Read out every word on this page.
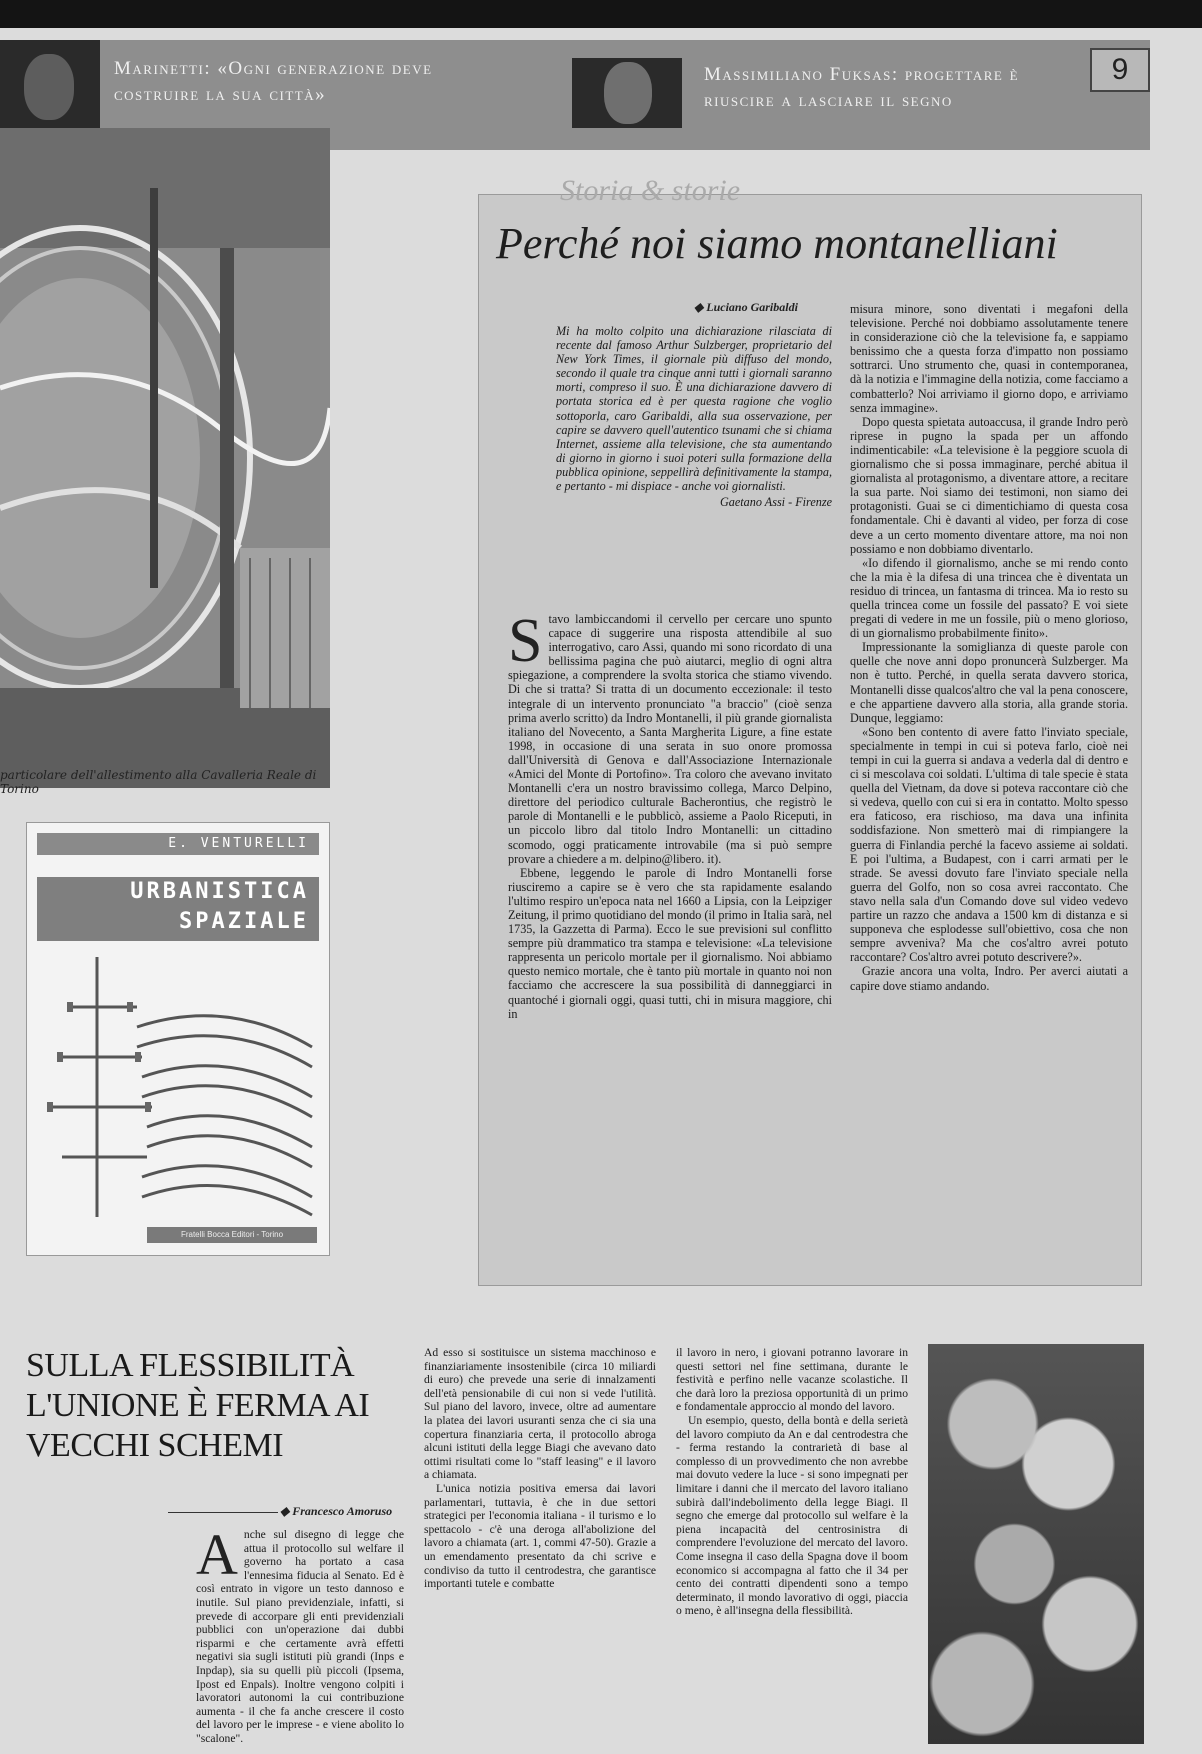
Marinetti: «Ogni generazione deve costruire la sua città»
Massimiliano Fuksas: progettare è riuscire a lasciare il segno
9
particolare dell'allestimento alla Cavalleria Reale di Torino
E. VENTURELLI
URBANISTICA SPAZIALE
Fratelli Bocca Editori - Torino
Storia & storie
Perché noi siamo montanelliani
◆ Luciano Garibaldi

Mi ha molto colpito una dichiarazione rilasciata di recente dal famoso Arthur Sulzberger, proprietario del New York Times, il giornale più diffuso del mondo, secondo il quale tra cinque anni tutti i giornali saranno morti, compreso il suo. È una dichiarazione davvero di portata storica ed è per questa ragione che voglio sottoporla, caro Garibaldi, alla sua osservazione, per capire se davvero quell'autentico tsunami che si chiama Internet, assieme alla televisione, che sta aumentando di giorno in giorno i suoi poteri sulla formazione della pubblica opinione, seppellirà definitivamente la stampa, e pertanto - mi dispiace - anche voi giornalisti.

Gaetano Assi - Firenze

Stavo lambiccandomi il cervello per cercare uno spunto capace di suggerire una risposta attendibile al suo interrogativo, caro Assi, quando mi sono ricordato di una bellissima pagina che può aiutarci, meglio di ogni altra spiegazione, a comprendere la svolta storica che stiamo vivendo. Di che si tratta? Si tratta di un documento eccezionale: il testo integrale di un intervento pronunciato "a braccio" (cioè senza prima averlo scritto) da Indro Montanelli, il più grande giornalista italiano del Novecento, a Santa Margherita Ligure, a fine estate 1998, in occasione di una serata in suo onore promossa dall'Università di Genova e dall'Associazione Internazionale «Amici del Monte di Portofino». Tra coloro che avevano invitato Montanelli c'era un nostro bravissimo collega, Marco Delpino, direttore del periodico culturale Bacherontius, che registrò le parole di Montanelli e le pubblicò, assieme a Paolo Riceputi, in un piccolo libro dal titolo Indro Montanelli: un cittadino scomodo, oggi praticamente introvabile (ma si può sempre provare a chiedere a m. delpino@libero. it).

Ebbene, leggendo le parole di Indro Montanelli forse riusciremo a capire se è vero che sta rapidamente esalando l'ultimo respiro un'epoca nata nel 1660 a Lipsia, con la Leipziger Zeitung, il primo quotidiano del mondo (il primo in Italia sarà, nel 1735, la Gazzetta di Parma). Ecco le sue previsioni sul conflitto sempre più drammatico tra stampa e televisione: «La televisione rappresenta un pericolo mortale per il giornalismo. Noi abbiamo questo nemico mortale, che è tanto più mortale in quanto noi non facciamo che accrescere la sua possibilità di danneggiarci in quantoché i giornali oggi, quasi tutti, chi in misura maggiore, chi in

misura minore, sono diventati i megafoni della televisione. Perché noi dobbiamo assolutamente tenere in considerazione ciò che la televisione fa, e sappiamo benissimo che a questa forza d'impatto non possiamo sottrarci. Uno strumento che, quasi in contemporanea, dà la notizia e l'immagine della notizia, come facciamo a combatterlo? Noi arriviamo il giorno dopo, e arriviamo senza immagine».

Dopo questa spietata autoaccusa, il grande Indro però riprese in pugno la spada per un affondo indimenticabile: «La televisione è la peggiore scuola di giornalismo che si possa immaginare, perché abitua il giornalista al protagonismo, a diventare attore, a recitare la sua parte. Noi siamo dei testimoni, non siamo dei protagonisti. Guai se ci dimentichiamo di questa cosa fondamentale. Chi è davanti al video, per forza di cose deve a un certo momento diventare attore, ma noi non possiamo e non dobbiamo diventarlo.

«Io difendo il giornalismo, anche se mi rendo conto che la mia è la difesa di una trincea che è diventata un residuo di trincea, un fantasma di trincea. Ma io resto su quella trincea come un fossile del passato? E voi siete pregati di vedere in me un fossile, più o meno glorioso, di un giornalismo probabilmente finito».

Impressionante la somiglianza di queste parole con quelle che nove anni dopo pronuncerà Sulzberger. Ma non è tutto. Perché, in quella serata davvero storica, Montanelli disse qualcos'altro che val la pena conoscere, e che appartiene davvero alla storia, alla grande storia. Dunque, leggiamo:

«Sono ben contento di avere fatto l'inviato speciale, specialmente in tempi in cui si poteva farlo, cioè nei tempi in cui la guerra si andava a vederla dal di dentro e ci si mescolava coi soldati. L'ultima di tale specie è stata quella del Vietnam, da dove si poteva raccontare ciò che si vedeva, quello con cui si era in contatto. Molto spesso era faticoso, era rischioso, ma dava una infinita soddisfazione. Non smetterò mai di rimpiangere la guerra di Finlandia perché la facevo assieme ai soldati. E poi l'ultima, a Budapest, con i carri armati per le strade. Se avessi dovuto fare l'inviato speciale nella guerra del Golfo, non so cosa avrei raccontato. Che stavo nella sala d'un Comando dove sul video vedevo partire un razzo che andava a 1500 km di distanza e si supponeva che esplodesse sull'obiettivo, cosa che non sempre avveniva? Ma che cos'altro avrei potuto raccontare? Cos'altro avrei potuto descrivere?».

Grazie ancora una volta, Indro. Per averci aiutati a capire dove stiamo andando.

SULLA FLESSIBILITÀ L'UNIONE È FERMA AI VECCHI SCHEMI
◆ Francesco Amoruso

Anche sul disegno di legge che attua il protocollo sul welfare il governo ha portato a casa l'ennesima fiducia al Senato. Ed è così entrato in vigore un testo dannoso e inutile. Sul piano previdenziale, infatti, si prevede di accorpare gli enti previdenziali pubblici con un'operazione dai dubbi risparmi e che certamente avrà effetti negativi sia sugli istituti più grandi (Inps e Inpdap), sia su quelli più piccoli (Ipsema, Ipost ed Enpals). Inoltre vengono colpiti i lavoratori autonomi la cui contribuzione aumenta - il che fa anche crescere il costo del lavoro per le imprese - e viene abolito lo "scalone".

Ad esso si sostituisce un sistema macchinoso e finanziariamente insostenibile (circa 10 miliardi di euro) che prevede una serie di innalzamenti dell'età pensionabile di cui non si vede l'utilità. Sul piano del lavoro, invece, oltre ad aumentare la platea dei lavori usuranti senza che ci sia una copertura finanziaria certa, il protocollo abroga alcuni istituti della legge Biagi che avevano dato ottimi risultati come lo "staff leasing" e il lavoro a chiamata.

L'unica notizia positiva emersa dai lavori parlamentari, tuttavia, è che in due settori strategici per l'economia italiana - il turismo e lo spettacolo - c'è una deroga all'abolizione del lavoro a chiamata (art. 1, commi 47-50). Grazie a un emendamento presentato da chi scrive e condiviso da tutto il centrodestra, che garantisce importanti tutele e combatte

il lavoro in nero, i giovani potranno lavorare in questi settori nel fine settimana, durante le festività e perfino nelle vacanze scolastiche. Il che darà loro la preziosa opportunità di un primo e fondamentale approccio al mondo del lavoro.

Un esempio, questo, della bontà e della serietà del lavoro compiuto da An e dal centrodestra che - ferma restando la contrarietà di base al complesso di un provvedimento che non avrebbe mai dovuto vedere la luce - si sono impegnati per limitare i danni che il mercato del lavoro italiano subirà dall'indebolimento della legge Biagi. Il segno che emerge dal protocollo sul welfare è la piena incapacità del centrosinistra di comprendere l'evoluzione del mercato del lavoro. Come insegna il caso della Spagna dove il boom economico si accompagna al fatto che il 34 per cento dei contratti dipendenti sono a tempo determinato, il mondo lavorativo di oggi, piaccia o meno, è all'insegna della flessibilità.
